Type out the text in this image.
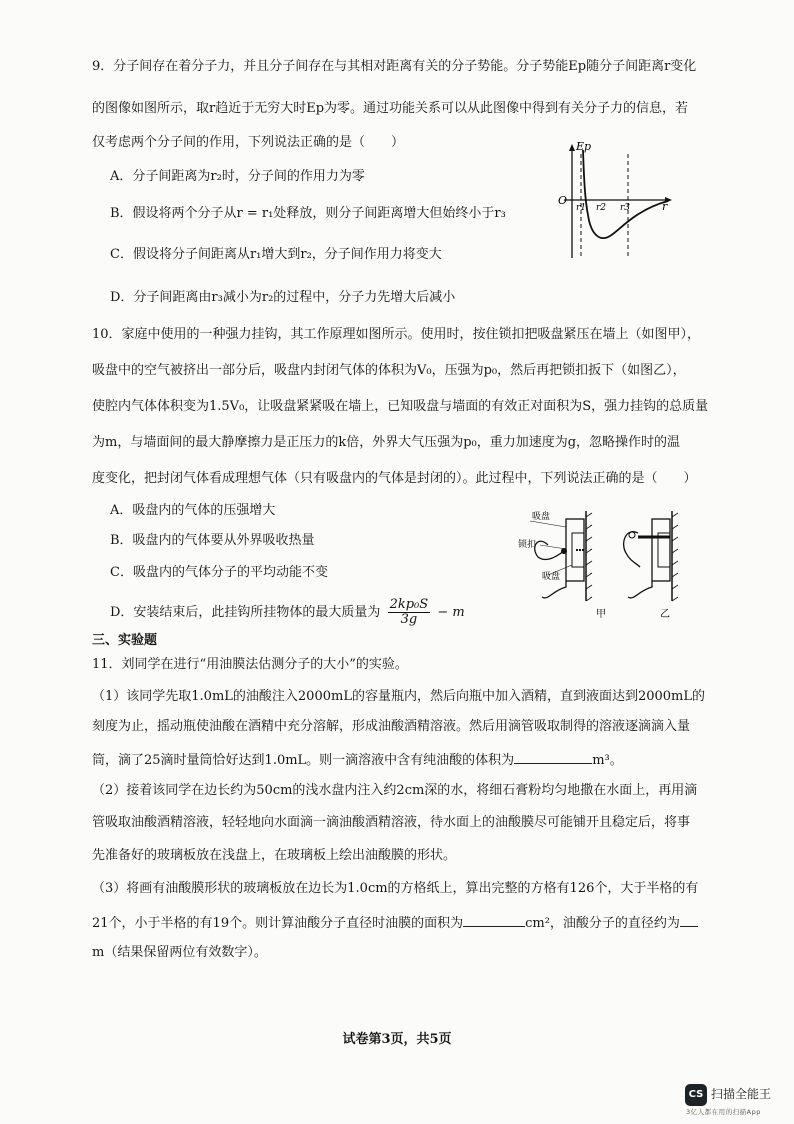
9．分子间存在着分子力，并且分子间存在与其相对距离有关的分子势能。分子势能Ep随分子间距离r变化
的图像如图所示，取r趋近于无穷大时Ep为零。通过功能关系可以从此图像中得到有关分子力的信息，若
仅考虑两个分子间的作用，下列说法正确的是（　　）
A．分子间距离为r₂时，分子间的作用力为零
B．假设将两个分子从r = r₁处释放，则分子间距离增大但始终小于r₃
C．假设将分子间距离从r₁增大到r₂，分子间作用力将变大
D．分子间距离由r₃减小为r₂的过程中，分子力先增大后减小
Ep
O	r
r1 r2 r3
10．家庭中使用的一种强力挂钩，其工作原理如图所示。使用时，按住锁扣把吸盘紧压在墙上（如图甲），
吸盘中的空气被挤出一部分后，吸盘内封闭气体的体积为V₀，压强为p₀，然后再把锁扣扳下（如图乙），
使腔内气体体积变为1.5V₀，让吸盘紧紧吸在墙上，已知吸盘与墙面的有效正对面积为S，强力挂钩的总质量
为m，与墙面间的最大静摩擦力是正压力的k倍，外界大气压强为p₀，重力加速度为g，忽略操作时的温
度变化，把封闭气体看成理想气体（只有吸盘内的气体是封闭的）。此过程中，下列说法正确的是（　　）
A．吸盘内的气体的压强增大
B．吸盘内的气体要从外界吸收热量
C．吸盘内的气体分子的平均动能不变
D．安装结束后，此挂钩所挂物体的最大质量为 $\frac{\text{2kp₀S}}{3g} - m$
吸盘
锁扣
吸盘
甲	乙
三、实验题
11．刘同学在进行“用油膜法估测分子的大小”的实验。
（1）该同学先取1.0mL的油酸注入2000mL的容量瓶内，然后向瓶中加入酒精，直到液面达到2000mL的
刻度为止，摇动瓶使油酸在酒精中充分溶解，形成油酸酒精溶液。然后用滴管吸取制得的溶液逐滴滴入量
筒，滴了25滴时量筒恰好达到1.0mL。则一滴溶液中含有纯油酸的体积为	m³。
（2）接着该同学在边长约为50cm的浅水盘内注入约2cm深的水，将细石膏粉均匀地撒在水面上，再用滴
管吸取油酸酒精溶液，轻轻地向水面滴一滴油酸酒精溶液，待水面上的油酸膜尽可能铺开且稳定后，将事
先准备好的玻璃板放在浅盘上，在玻璃板上绘出油酸膜的形状。
（3）将画有油酸膜形状的玻璃板放在边长为1.0cm的方格纸上，算出完整的方格有126个，大于半格的有
21个，小于半格的有19个。则计算油酸分子直径时油膜的面积为	cm²，油酸分子的直径约为
m（结果保留两位有效数字）。
试卷第3页，共5页
CS 扫描全能王
3亿人都在用的扫描App
